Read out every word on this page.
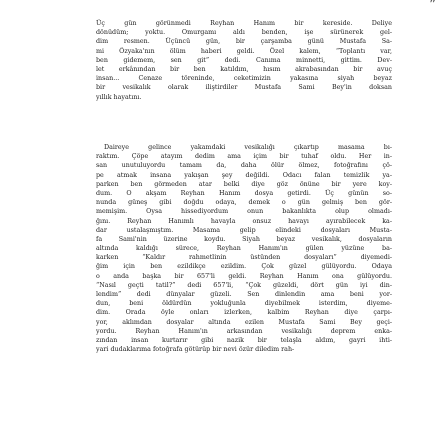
”
Üç gün görünmedi Reyhan Hanım bir kereside. Deliye
dönüdüm; yoktu. Omurgamı aldı benden, işe sürünerek gel-
dim resmen. Üçüncü gün, bir çarşamba günü Mustafa Sa-
mi Özyaka'nın ölüm haberi geldi. Özel kalem, “Toplantı var,
ben gidemem, sen git” dedi. Canıma minnetti, gittim. Dev-
let erkânından bir ben katıldım, hısım akrabasından bir avuç
insan... Cenaze töreninde, ceketimizin yakasına siyah beyaz
bir vesikalık olarak iliştirdiler Mustafa Sami Bey'in doksan
yıllık hayatını.
Daireye gelince yakamdaki vesikalığı çıkartıp masama bı-
raktım. Çöpe atayım dedim ama içim bir tuhaf oldu. Her in-
san unutuluyordu tamam da, daha ölür ölmez, fotoğrafını çö-
pe atmak insana yakışan şey değildi. Odacı falan temizlik ya-
parken ben görmeden atar belki diye göz önüne bir yere koy-
dum. O akşam Reyhan Hanım dosya getirdi. Üç günün so-
nunda güneş gibi doğdu odaya, demek o gün gelmiş ben gör-
memişim. Oysa hissediyordum onun bakanlıkta olup olmadı-
ğını. Reyhan Hanımlı havayla onsuz havayı ayırabilecek ka-
dar ustalaşmıştım. Masama gelip elindeki dosyaları Musta-
fa Sami'nin üzerine koydu. Siyah beyaz vesikalık, dosyaların
altında kaldığı sürece, Reyhan Hanım'ın gülen yüzüne ba-
karken “Kaldır rahmetlinin üstünden dosyaları” diyemedi-
ğim için ben ezildikçe ezildim. Çok güzel gülüyordu. Odaya
o anda başka bir 657'li geldi. Reyhan Hanım ona gülüyordu.
“Nasıl geçti tatil?” dedi 657'li, “Çok güzeldi, dört gün iyi din-
lendim” dedi dünyalar güzeli. Sen dinlendin ama beni yor-
dun, beni öldürdün yokluğunla diyebilmek isterdim, diyeme-
dim. Orada öyle onları izlerken, kalbim Reyhan diye çarpı-
yor, aklımdan dosyalar altında ezilen Mustafa Sami Bey geçi-
yordu. Reyhan Hanım'ın arkasından vesikalığı deprem enka-
zından insan kurtarır gibi nazik bir telaşla aldım, gayri ihti-
yari dudaklarıma fotoğrafa götürüp bir nevi özür diledim rah-
